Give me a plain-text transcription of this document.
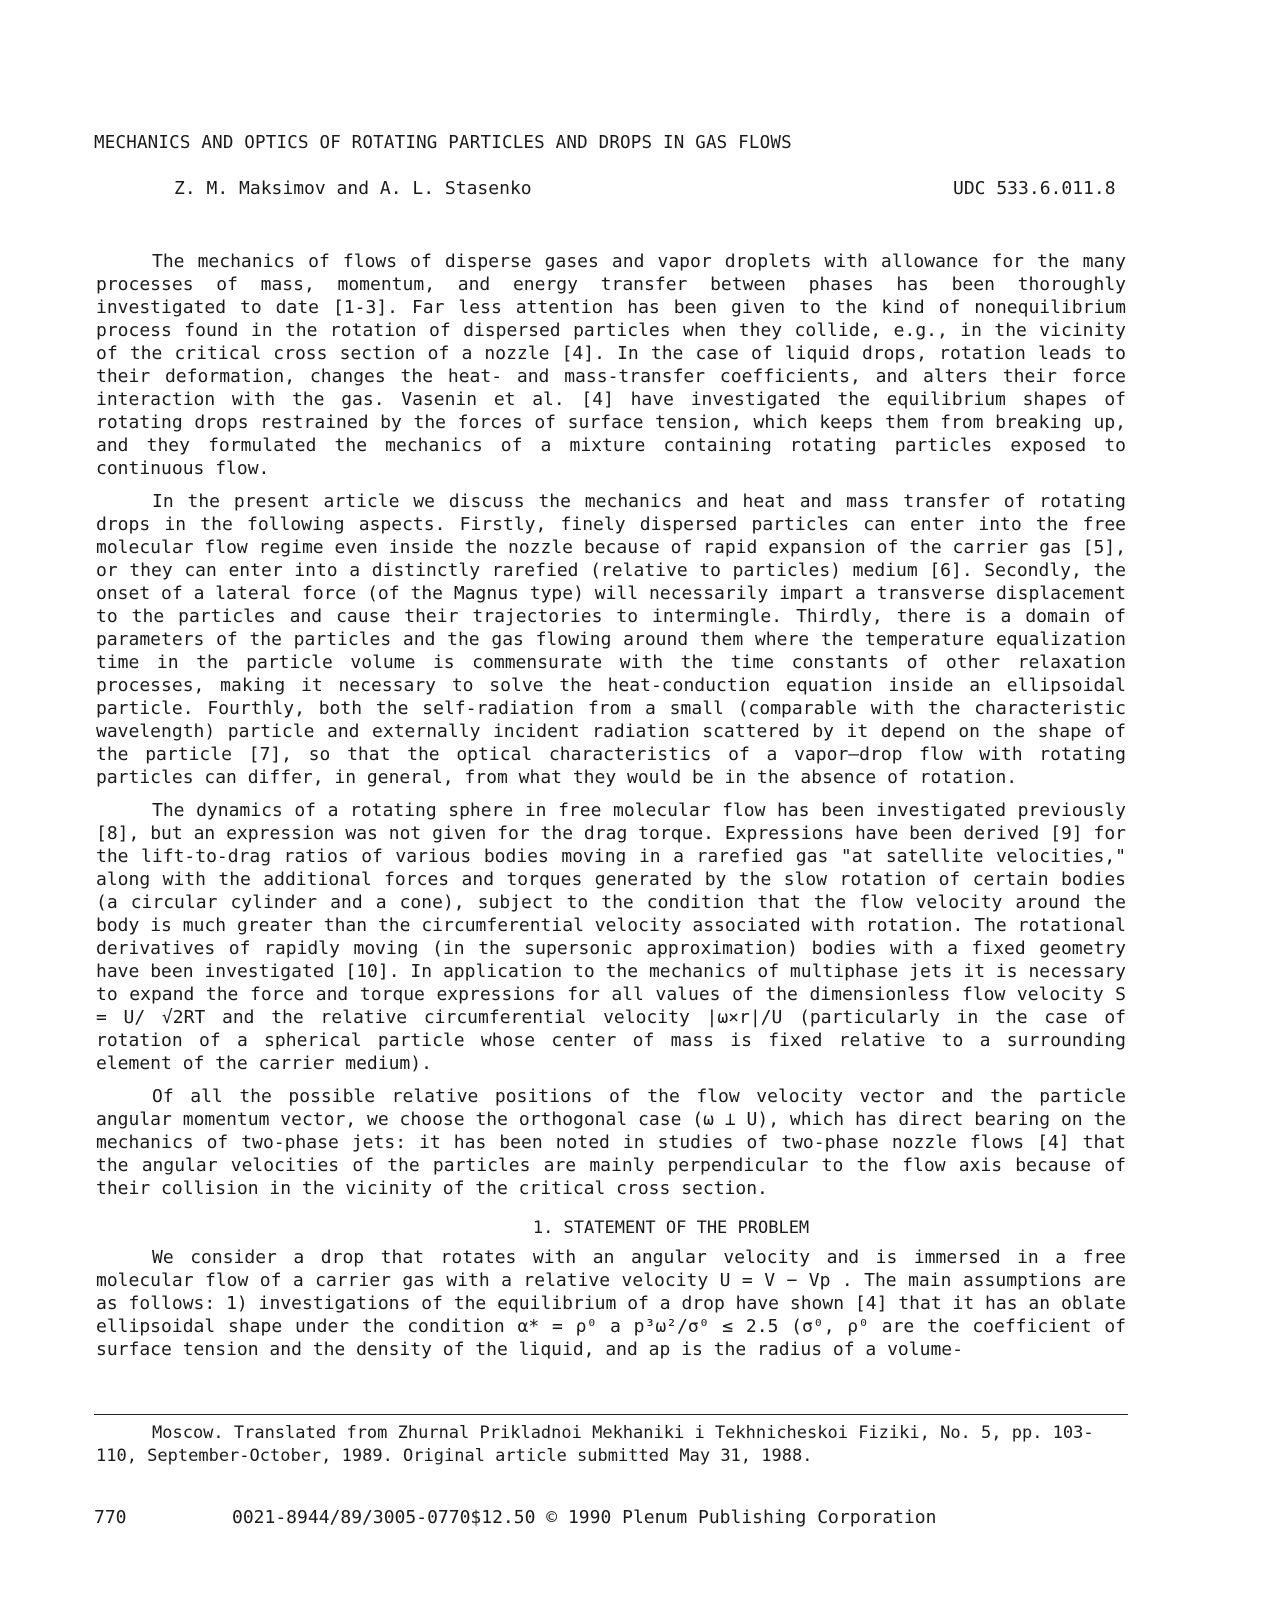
MECHANICS AND OPTICS OF ROTATING PARTICLES AND DROPS IN GAS FLOWS
Z. M. Maksimov and A. L. Stasenko	UDC 533.6.011.8

The mechanics of flows of disperse gases and vapor droplets with allowance for the many processes of mass, momentum, and energy transfer between phases has been thoroughly investigated to date [1-3]. Far less attention has been given to the kind of nonequilibrium process found in the rotation of dispersed particles when they collide, e.g., in the vicinity of the critical cross section of a nozzle [4]. In the case of liquid drops, rotation leads to their deformation, changes the heat- and mass-transfer coefficients, and alters their force interaction with the gas. Vasenin et al. [4] have investigated the equilibrium shapes of rotating drops restrained by the forces of surface tension, which keeps them from breaking up, and they formulated the mechanics of a mixture containing rotating particles exposed to continuous flow.

In the present article we discuss the mechanics and heat and mass transfer of rotating drops in the following aspects. Firstly, finely dispersed particles can enter into the free molecular flow regime even inside the nozzle because of rapid expansion of the carrier gas [5], or they can enter into a distinctly rarefied (relative to particles) medium [6]. Secondly, the onset of a lateral force (of the Magnus type) will necessarily impart a transverse displacement to the particles and cause their trajectories to intermingle. Thirdly, there is a domain of parameters of the particles and the gas flowing around them where the temperature equalization time in the particle volume is commensurate with the time constants of other relaxation processes, making it necessary to solve the heat-conduction equation inside an ellipsoidal particle. Fourthly, both the self-radiation from a small (comparable with the characteristic wavelength) particle and externally incident radiation scattered by it depend on the shape of the particle [7], so that the optical characteristics of a vapor—drop flow with rotating particles can differ, in general, from what they would be in the absence of rotation.

The dynamics of a rotating sphere in free molecular flow has been investigated previously [8], but an expression was not given for the drag torque. Expressions have been derived [9] for the lift-to-drag ratios of various bodies moving in a rarefied gas "at satellite velocities," along with the additional forces and torques generated by the slow rotation of certain bodies (a circular cylinder and a cone), subject to the condition that the flow velocity around the body is much greater than the circumferential velocity associated with rotation. The rotational derivatives of rapidly moving (in the supersonic approximation) bodies with a fixed geometry have been investigated [10]. In application to the mechanics of multiphase jets it is necessary to expand the force and torque expressions for all values of the dimensionless flow velocity S = U/ √2RT and the relative circumferential velocity |ω×r|/U (particularly in the case of rotation of a spherical particle whose center of mass is fixed relative to a surrounding element of the carrier medium).

Of all the possible relative positions of the flow velocity vector and the particle angular momentum vector, we choose the orthogonal case (ω ⊥ U), which has direct bearing on the mechanics of two-phase jets: it has been noted in studies of two-phase nozzle flows [4] that the angular velocities of the particles are mainly perpendicular to the flow axis because of their collision in the vicinity of the critical cross section.

1. STATEMENT OF THE PROBLEM

We consider a drop that rotates with an angular velocity and is immersed in a free molecular flow of a carrier gas with a relative velocity U = V − Vp . The main assumptions are as follows: 1) investigations of the equilibrium of a drop have shown [4] that it has an oblate ellipsoidal shape under the condition α* = ρ⁰ a p³ω²/σ⁰ ≤ 2.5 (σ⁰, ρ⁰ are the coefficient of surface tension and the density of the liquid, and ap is the radius of a volume-

Moscow. Translated from Zhurnal Prikladnoi Mekhaniki i Tekhnicheskoi Fiziki, No. 5, pp. 103-110, September-October, 1989. Original article submitted May 31, 1988.
770	0021-8944/89/3005-0770$12.50 © 1990 Plenum Publishing Corporation
